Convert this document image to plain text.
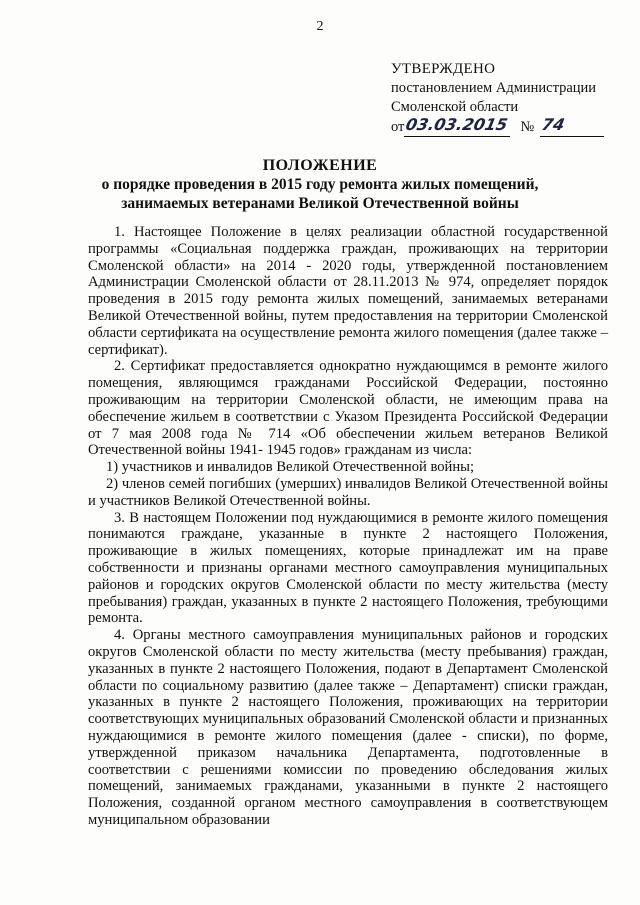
2
УТВЕРЖДЕНО
постановлением Администрации
Смоленской области
от 03.03.2015 № 74
ПОЛОЖЕНИЕ
о порядке проведения в 2015 году ремонта жилых помещений,
занимаемых ветеранами Великой Отечественной войны

1. Настоящее Положение в целях реализации областной государственной программы «Социальная поддержка граждан, проживающих на территории Смоленской области» на 2014 - 2020 годы, утвержденной постановлением Администрации Смоленской области от 28.11.2013 № 974, определяет порядок проведения в 2015 году ремонта жилых помещений, занимаемых ветеранами Великой Отечественной войны, путем предоставления на территории Смоленской области сертификата на осуществление ремонта жилого помещения (далее также – сертификат).

2. Сертификат предоставляется однократно нуждающимся в ремонте жилого помещения, являющимся гражданами Российской Федерации, постоянно проживающим на территории Смоленской области, не имеющим права на обеспечение жильем в соответствии с Указом Президента Российской Федерации от 7 мая 2008 года № 714 «Об обеспечении жильем ветеранов Великой Отечественной войны 1941- 1945 годов» гражданам из числа:

1) участников и инвалидов Великой Отечественной войны;

2) членов семей погибших (умерших) инвалидов Великой Отечественной войны и участников Великой Отечественной войны.

3. В настоящем Положении под нуждающимися в ремонте жилого помещения понимаются граждане, указанные в пункте 2 настоящего Положения, проживающие в жилых помещениях, которые принадлежат им на праве собственности и признаны органами местного самоуправления муниципальных районов и городских округов Смоленской области по месту жительства (месту пребывания) граждан, указанных в пункте 2 настоящего Положения, требующими ремонта.

4. Органы местного самоуправления муниципальных районов и городских округов Смоленской области по месту жительства (месту пребывания) граждан, указанных в пункте 2 настоящего Положения, подают в Департамент Смоленской области по социальному развитию (далее также – Департамент) списки граждан, указанных в пункте 2 настоящего Положения, проживающих на территории соответствующих муниципальных образований Смоленской области и признанных нуждающимися в ремонте жилого помещения (далее - списки), по форме, утвержденной приказом начальника Департамента, подготовленные в соответствии с решениями комиссии по проведению обследования жилых помещений, занимаемых гражданами, указанными в пункте 2 настоящего Положения, созданной органом местного самоуправления в соответствующем муниципальном образовании
